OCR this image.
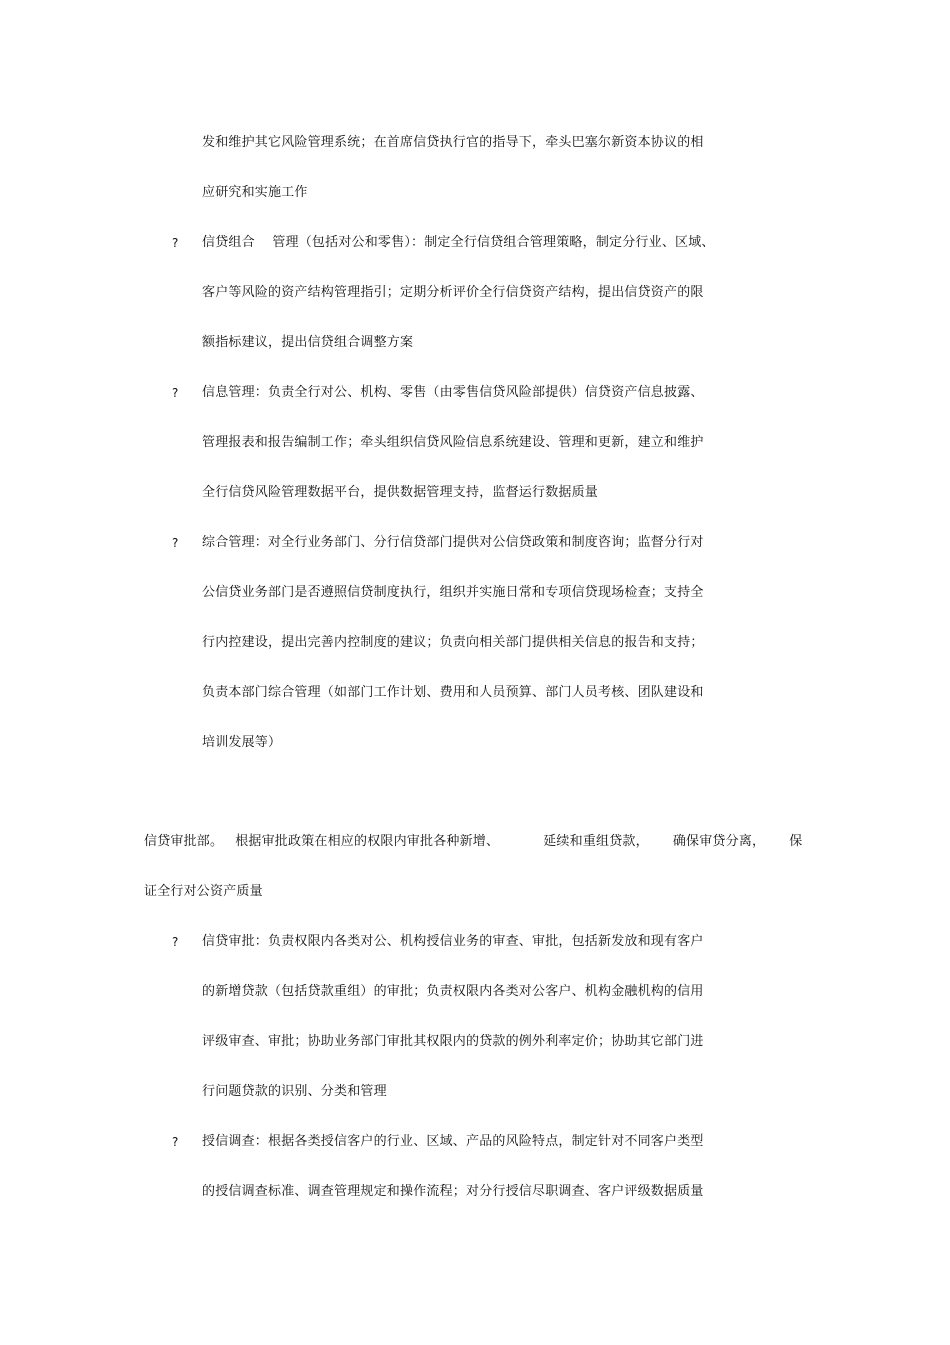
发和维护其它风险管理系统；在首席信贷执行官的指导下，牵头巴塞尔新资本协议的相
应研究和实施工作
? 信贷组合　 管理（包括对公和零售）：制定全行信贷组合管理策略，制定分行业、区域、
客户等风险的资产结构管理指引；定期分析评价全行信贷资产结构，提出信贷资产的限
额指标建议，提出信贷组合调整方案
? 信息管理：负责全行对公、机构、零售（由零售信贷风险部提供）信贷资产信息披露、
管理报表和报告编制工作；牵头组织信贷风险信息系统建设、管理和更新，建立和维护
全行信贷风险管理数据平台，提供数据管理支持，监督运行数据质量
? 综合管理：对全行业务部门、分行信贷部门提供对公信贷政策和制度咨询；监督分行对
公信贷业务部门是否遵照信贷制度执行，组织并实施日常和专项信贷现场检查；支持全
行内控建设，提出完善内控制度的建议；负责向相关部门提供相关信息的报告和支持；
负责本部门综合管理（如部门工作计划、费用和人员预算、部门人员考核、团队建设和
培训发展等）
信贷审批部。 根据审批政策在相应的权限内审批各种新增、	延续和重组贷款， 确保审贷分离， 保
证全行对公资产质量
? 信贷审批：负责权限内各类对公、机构授信业务的审查、审批，包括新发放和现有客户
的新增贷款（包括贷款重组）的审批；负责权限内各类对公客户、机构金融机构的信用
评级审查、审批；协助业务部门审批其权限内的贷款的例外利率定价；协助其它部门进
行问题贷款的识别、分类和管理
? 授信调查：根据各类授信客户的行业、区域、产品的风险特点，制定针对不同客户类型
的授信调查标准、调查管理规定和操作流程；对分行授信尽职调查、客户评级数据质量
